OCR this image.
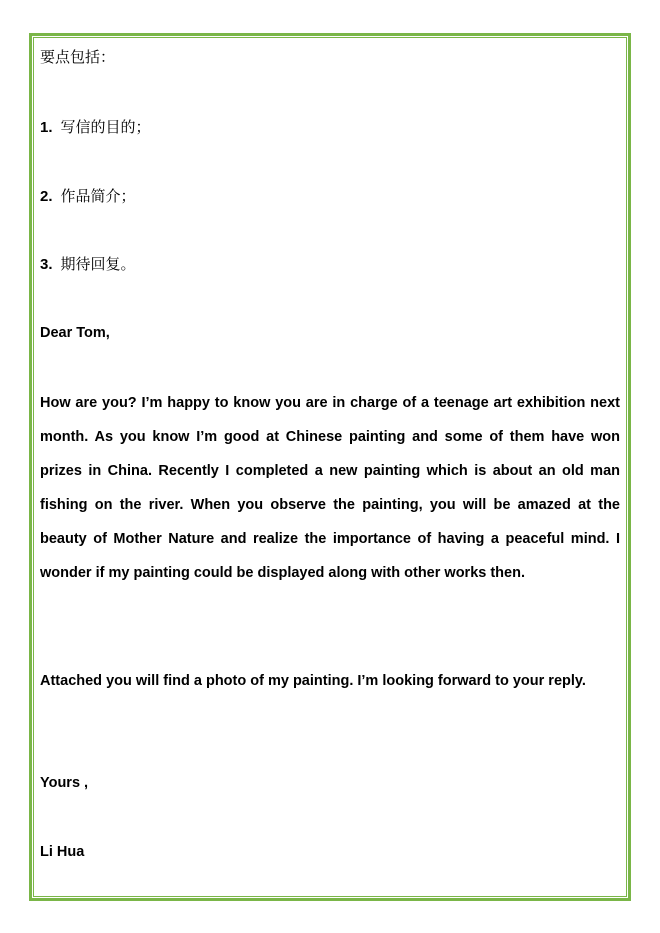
要点包括：

1. 写信的目的；

2. 作品简介；

3. 期待回复。

Dear Tom,

How are you? I’m happy to know you are in charge of a teenage art exhibition next month. As you know I’m good at Chinese painting and some of them have won prizes in China. Recently I completed a new painting which is about an old man fishing on the river. When you observe the painting, you will be amazed at the beauty of Mother Nature and realize the importance of having a peaceful mind. I wonder if my painting could be displayed along with other works then.

Attached you will find a photo of my painting. I’m looking forward to your reply.

Yours ,

Li Hua
